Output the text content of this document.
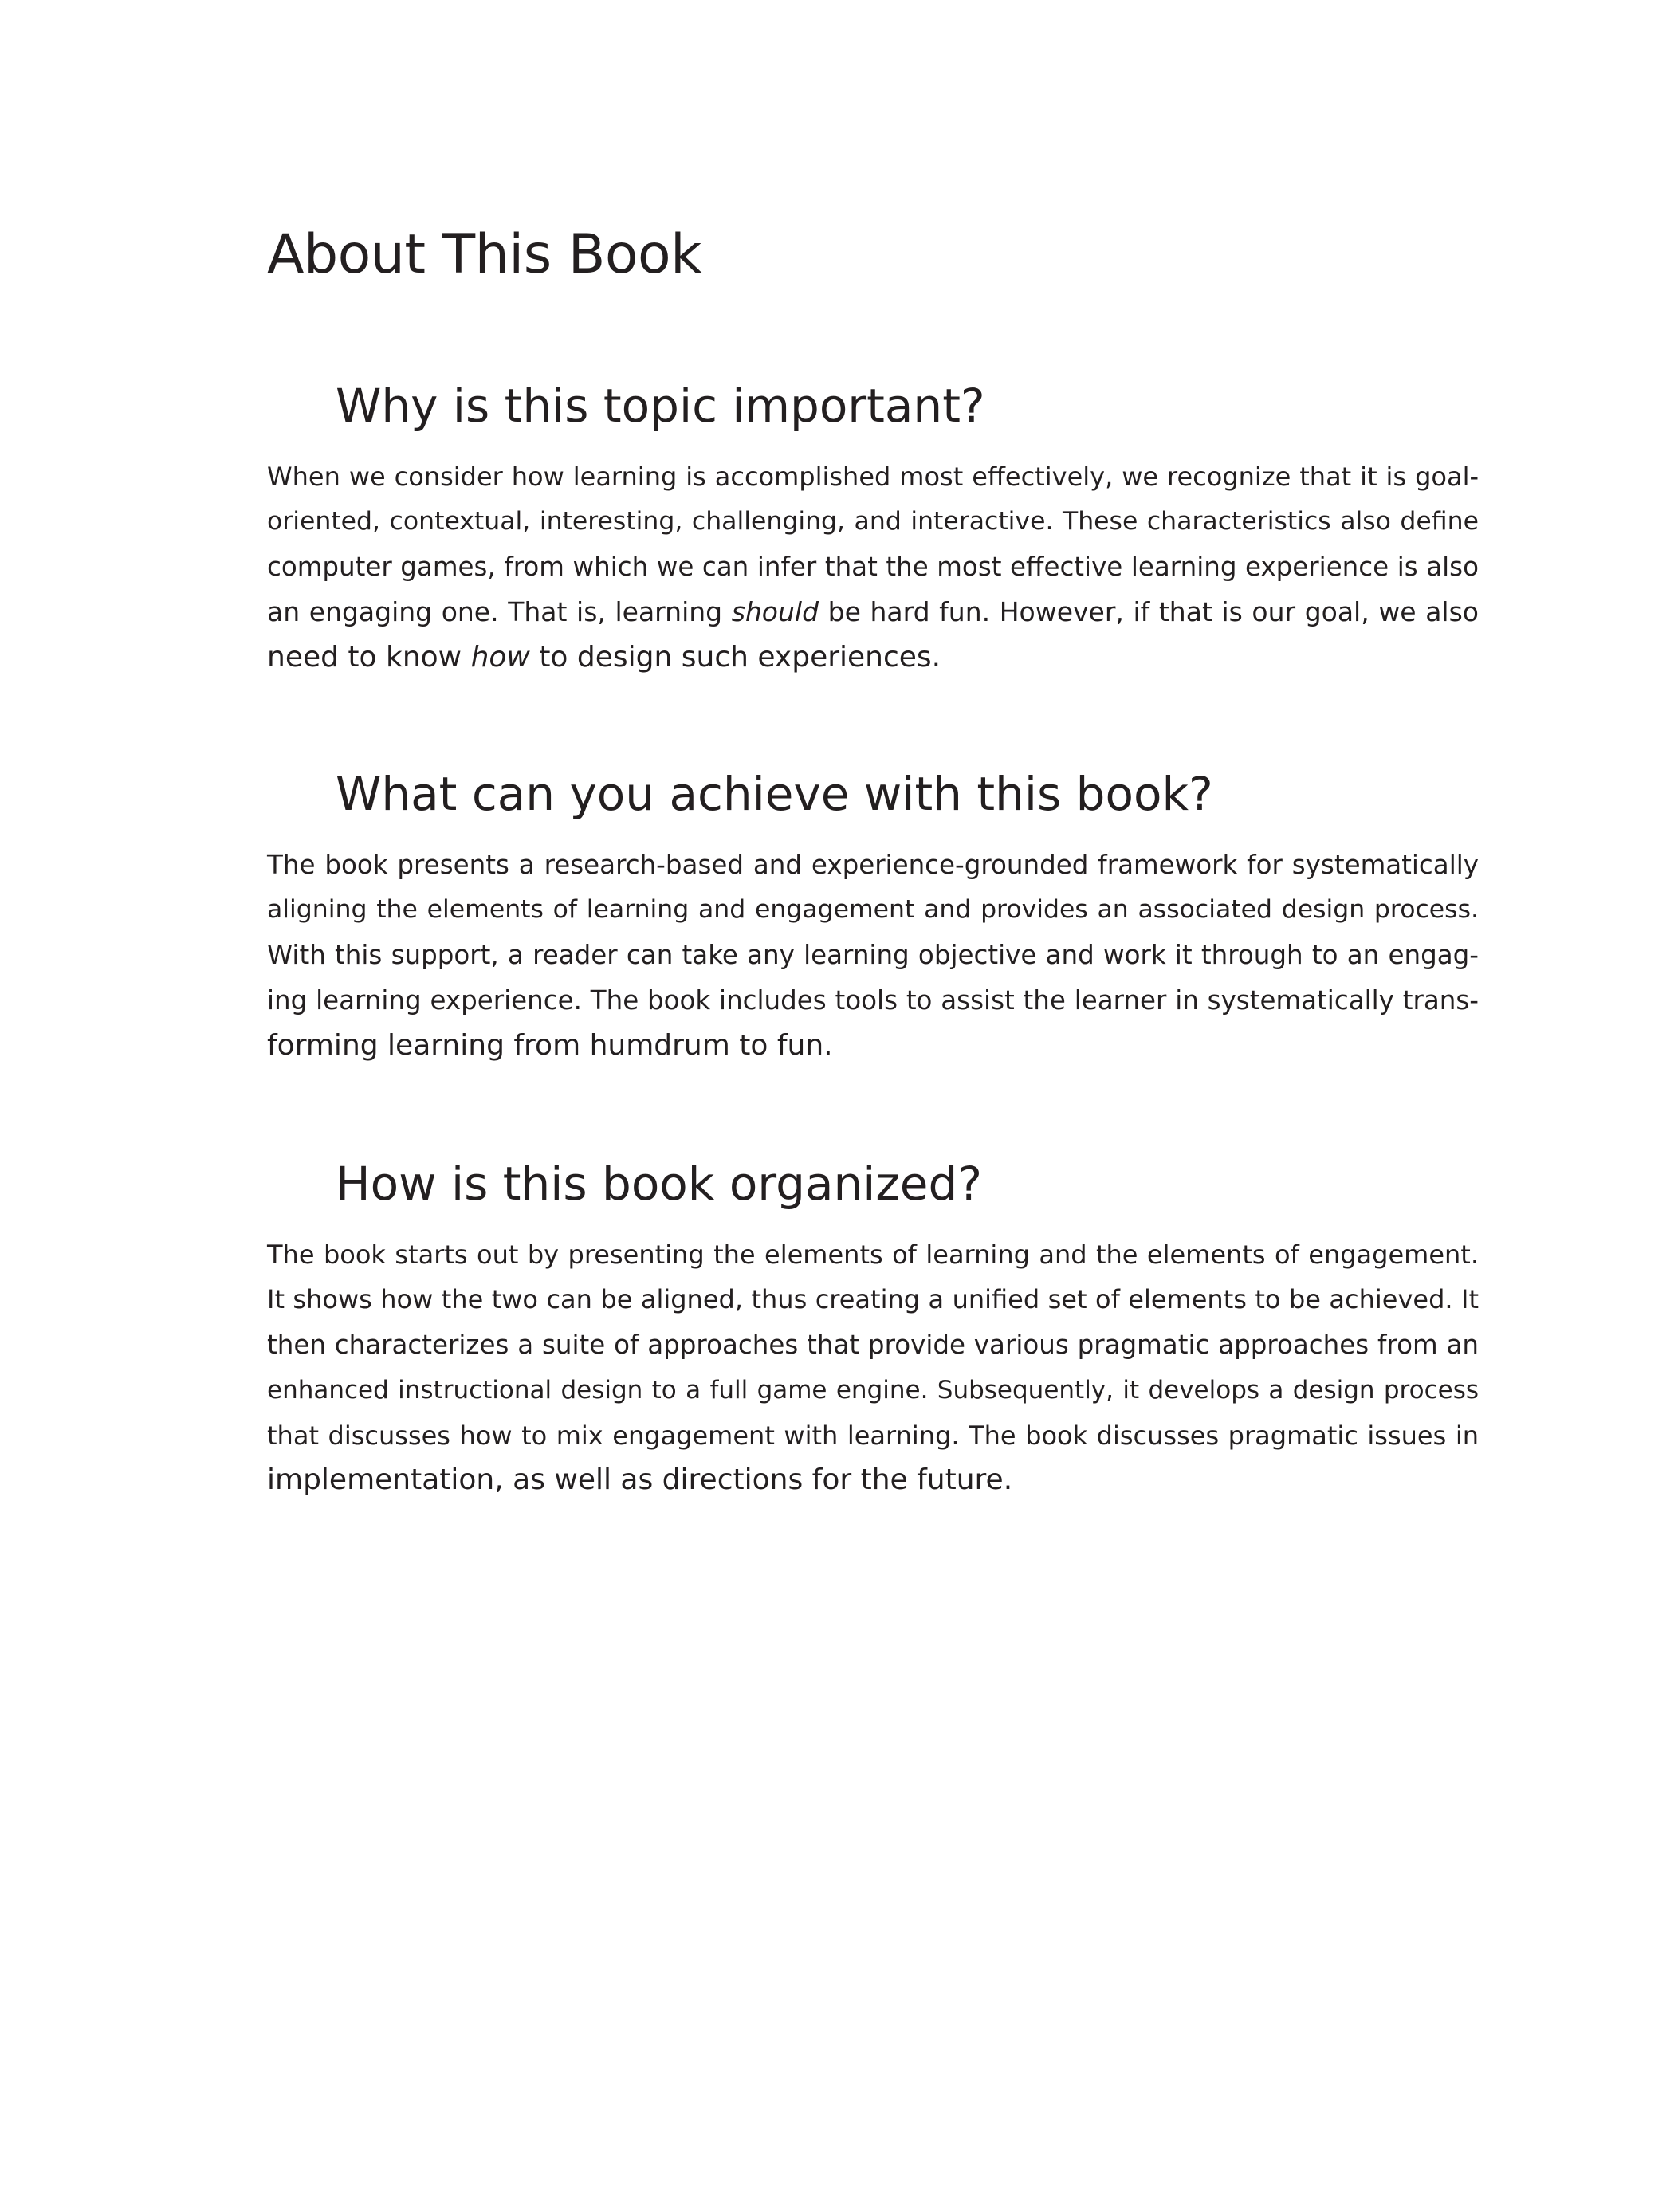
About This Book
Why is this topic important?
When we consider how learning is accomplished most effectively, we recognize that it is goal-
oriented, contextual, interesting, challenging, and interactive. These characteristics also define
computer games, from which we can infer that the most effective learning experience is also
an engaging one. That is, learning should be hard fun. However, if that is our goal, we also
need to know how to design such experiences.
What can you achieve with this book?
The book presents a research-based and experience-grounded framework for systematically
aligning the elements of learning and engagement and provides an associated design process.
With this support, a reader can take any learning objective and work it through to an engag-
ing learning experience. The book includes tools to assist the learner in systematically trans-
forming learning from humdrum to fun.
How is this book organized?
The book starts out by presenting the elements of learning and the elements of engagement.
It shows how the two can be aligned, thus creating a unified set of elements to be achieved. It
then characterizes a suite of approaches that provide various pragmatic approaches from an
enhanced instructional design to a full game engine. Subsequently, it develops a design process
that discusses how to mix engagement with learning. The book discusses pragmatic issues in
implementation, as well as directions for the future.
